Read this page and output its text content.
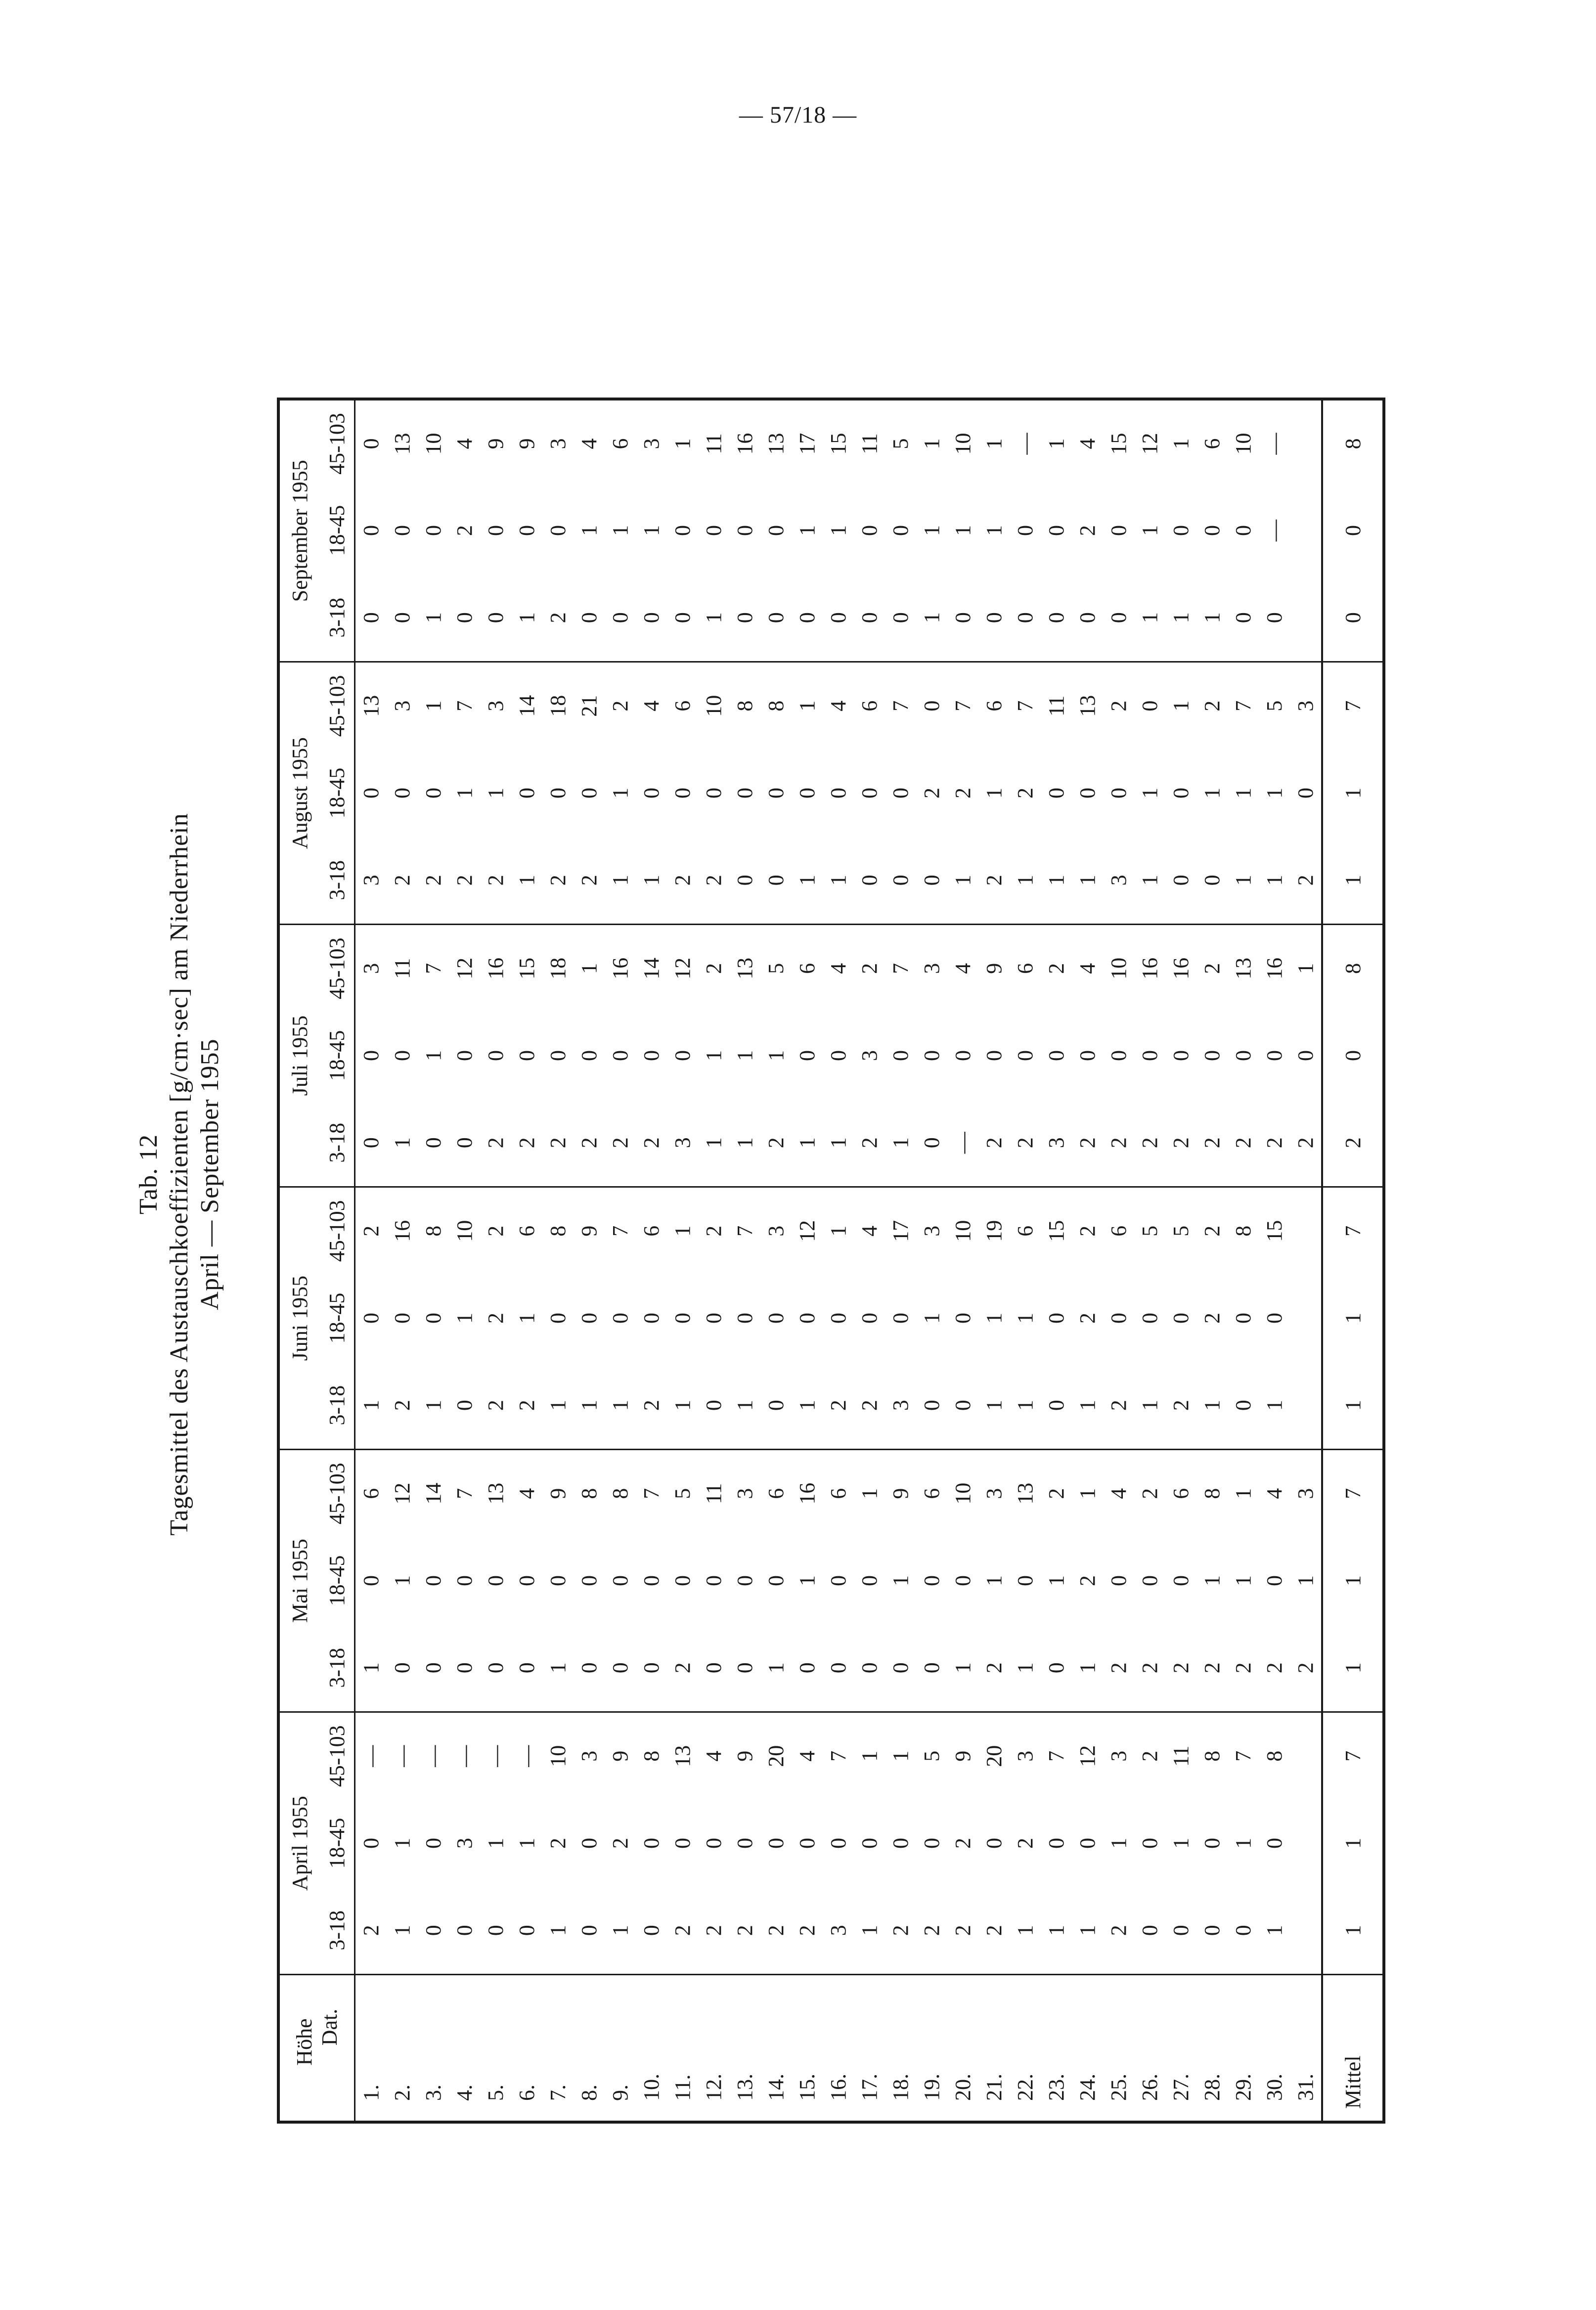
— 57/18 —
Tab. 12 Tagesmittel des Austauschkoeffizienten [g/cm·sec] am Niederrhein April — September 1955
Höhe Dat.	April 1955			Mai 1955			Juni 1955			Juli 1955			August 1955			September 1955		
	3-18	18-45	45-103	3-18	18-45	45-103	3-18	18-45	45-103	3-18	18-45	45-103	3-18	18-45	45-103	3-18	18-45	45-103
1.	2	0	—	1	0	6	1	0	2	0	0	3	3	0	13	0	0	0
2.	1	1	—	0	1	12	2	0	16	1	0	11	2	0	3	0	0	13
3.	0	0	—	0	0	14	1	0	8	0	1	7	2	0	1	1	0	10
4.	0	3	—	0	0	7	0	1	10	0	0	12	2	1	7	0	2	4
5.	0	1	—	0	0	13	2	2	2	2	0	16	2	1	3	0	0	9
6.	0	1	—	0	0	4	2	1	6	2	0	15	1	0	14	1	0	9
7.	1	2	10	1	0	9	1	0	8	2	0	18	2	0	18	2	0	3
8.	0	0	3	0	0	8	1	0	9	2	0	1	2	0	21	0	1	4
9.	1	2	9	0	0	8	1	0	7	2	0	16	1	1	2	0	1	6
10.	0	0	8	0	0	7	2	0	6	2	0	14	1	0	4	0	1	3
11.	2	0	13	2	0	5	1	0	1	3	0	12	2	0	6	0	0	1
12.	2	0	4	0	0	11	0	0	2	1	1	2	2	0	10	1	0	11
13.	2	0	9	0	0	3	1	0	7	1	1	13	0	0	8	0	0	16
14.	2	0	20	1	0	6	0	0	3	2	1	5	0	0	8	0	0	13
15.	2	0	4	0	1	16	1	0	12	1	0	6	1	0	1	0	1	17
16.	3	0	7	0	0	6	2	0	1	1	0	4	1	0	4	0	1	15
17.	1	0	1	0	0	1	2	0	4	2	3	2	0	0	6	0	0	11
18.	2	0	1	0	1	9	3	0	17	1	0	7	0	0	7	0	0	5
19.	2	0	5	0	0	6	0	1	3	0	0	3	0	2	0	1	1	1
20.	2	2	9	1	0	10	0	0	10	—	0	4	1	2	7	0	1	10
21.	2	0	20	2	1	3	1	1	19	2	0	9	2	1	6	0	1	1
22.	1	2	3	1	0	13	1	1	6	2	0	6	1	2	7	0	0	—
23.	1	0	7	0	1	2	0	0	15	3	0	2	1	0	11	0	0	1
24.	1	0	12	1	2	1	1	2	2	2	0	4	1	0	13	0	2	4
25.	2	1	3	2	0	4	2	0	6	2	0	10	3	0	2	0	0	15
26.	0	0	2	2	0	2	1	0	5	2	0	16	1	1	0	1	1	12
27.	0	1	11	2	0	6	2	0	5	2	0	16	0	0	1	1	0	1
28.	0	0	8	2	1	8	1	2	2	2	0	2	0	1	2	1	0	6
29.	0	1	7	2	1	1	0	0	8	2	0	13	1	1	7	0	0	10
30.	1	0	8	2	0	4	1	0	15	2	0	16	1	1	5	0	—	—
31.				2	1	3				2	0	1	2	0	3			
Mittel	1	1	7	1	1	7	1	1	7	2	0	8	1	1	7	0	0	8
